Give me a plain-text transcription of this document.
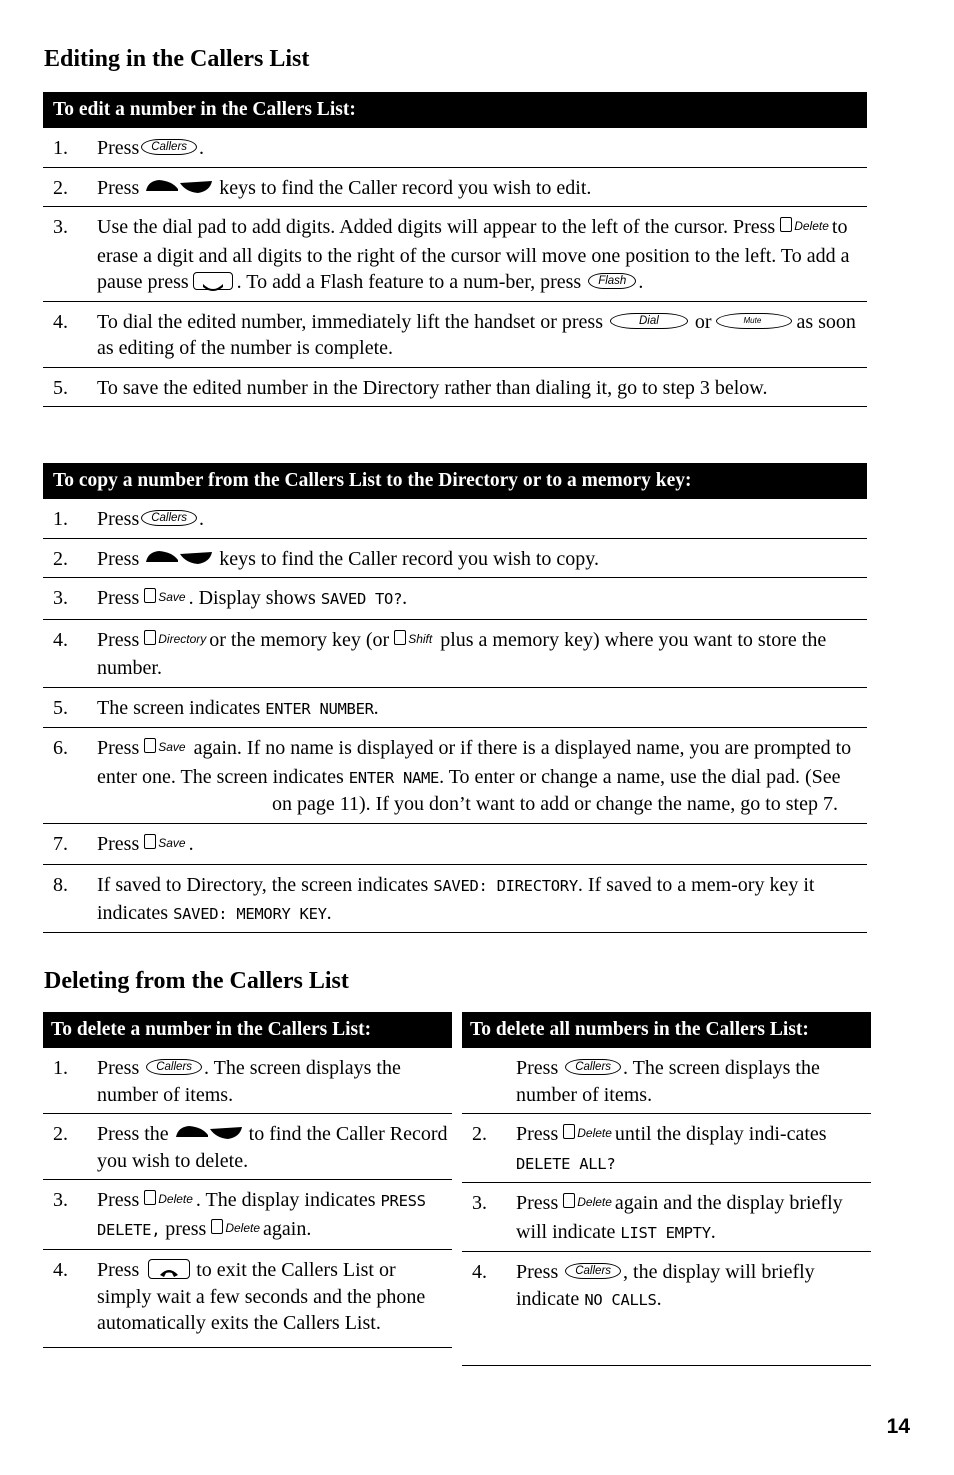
Editing in the Callers List
To edit a number in the Callers List:	
1.	Press Callers .
2.	Press keys to find the Caller record you wish to edit.
3.	Use the dial pad to add digits. Added digits will appear to the left of the cursor. Press Delete to erase a digit and all digits to the right of the cursor will move one position to the left. To add a pause press . To add a Flash feature to a num-ber, press Flash .
4.	To dial the edited number, immediately lift the handset or press Dial or Mute as soon as editing of the number is complete.
5.	To save the edited number in the Directory rather than dialing it, go to step 3 below.
To copy a number from the Callers List to the Directory or to a memory key:	
1.	Press Callers .
2.	Press keys to find the Caller record you wish to copy.
3.	Press Save . Display shows SAVED TO?.
4.	Press Directory or the memory key (or Shift plus a memory key) where you want to store the number.
5.	The screen indicates ENTER NUMBER.
6.	Press Save again. If no name is displayed or if there is a displayed name, you are prompted to enter one. The screen indicates ENTER NAME. To enter or change a name, use the dial pad. (See  on page 11). If you don’t want to add or change the name, go to step 7.
7.	Press Save .
8.	If saved to Directory, the screen indicates SAVED: DIRECTORY. If saved to a mem-ory key it indicates SAVED: MEMORY KEY.
Deleting from the Callers List
To delete a number in the Callers List:	
1.	Press Callers . The screen displays the number of items.
2.	Press the to find the Caller Record you wish to delete.
3.	Press Delete . The display indicates PRESS DELETE, press Delete again.
4.	Press to exit the Callers List or simply wait a few seconds and the phone automatically exits the Callers List.
To delete all numbers in the Callers List:	
	Press Callers . The screen displays the number of items.
2.	Press Delete until the display indi-cates DELETE ALL?
3.	Press Delete again and the display briefly will indicate LIST EMPTY.
4.	Press Callers , the display will briefly indicate NO CALLS.
14
